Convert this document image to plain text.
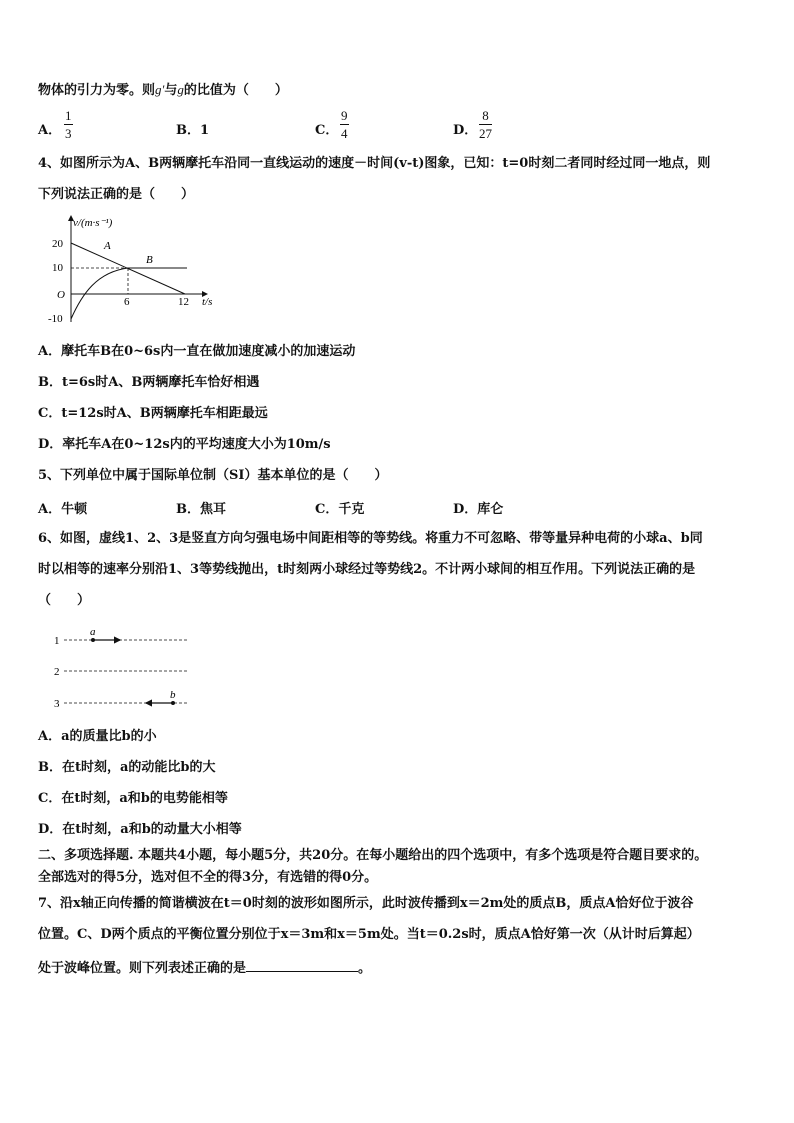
物体的引力为零。则g′与g的比值为（　　）
A． $\frac{1}{3}$	B．1	C． $\frac{9}{4}$	D． $\frac{8}{27}$
4、如图所示为A、B两辆摩托车沿同一直线运动的速度－时间(v-t)图象，已知：t=0时刻二者同时经过同一地点，则
下列说法正确的是（　　）
v/(m·s⁻¹)
t/s
O
20
10
-10
6	12
A
B
A．摩托车B在0~6s内一直在做加速度减小的加速运动
B．t=6s时A、B两辆摩托车恰好相遇
C．t=12s时A、B两辆摩托车相距最远
D．率托车A在0~12s内的平均速度大小为10m/s
5、下列单位中属于国际单位制（SI）基本单位的是（　　）
A．牛顿	B．焦耳	C．千克	D．库仑
6、如图，虚线1、2、3是竖直方向匀强电场中间距相等的等势线。将重力不可忽略、带等量异种电荷的小球a、b同
时以相等的速率分别沿1、3等势线抛出，t时刻两小球经过等势线2。不计两小球间的相互作用。下列说法正确的是
（　　）
1
2
3
a
b
A．a的质量比b的小
B．在t时刻，a的动能比b的大
C．在t时刻，a和b的电势能相等
D．在t时刻，a和b的动量大小相等
二、多项选择题. 本题共4小题，每小题5分，共20分。在每小题给出的四个选项中，有多个选项是符合题目要求的。
全部选对的得5分，选对但不全的得3分，有选错的得0分。
7、沿x轴正向传播的简谐横波在t＝0时刻的波形如图所示，此时波传播到x＝2m处的质点B，质点A恰好位于波谷
位置。C、D两个质点的平衡位置分别位于x＝3m和x＝5m处。当t＝0.2s时，质点A恰好第一次（从计时后算起）
处于波峰位置。则下列表述正确的是	。
